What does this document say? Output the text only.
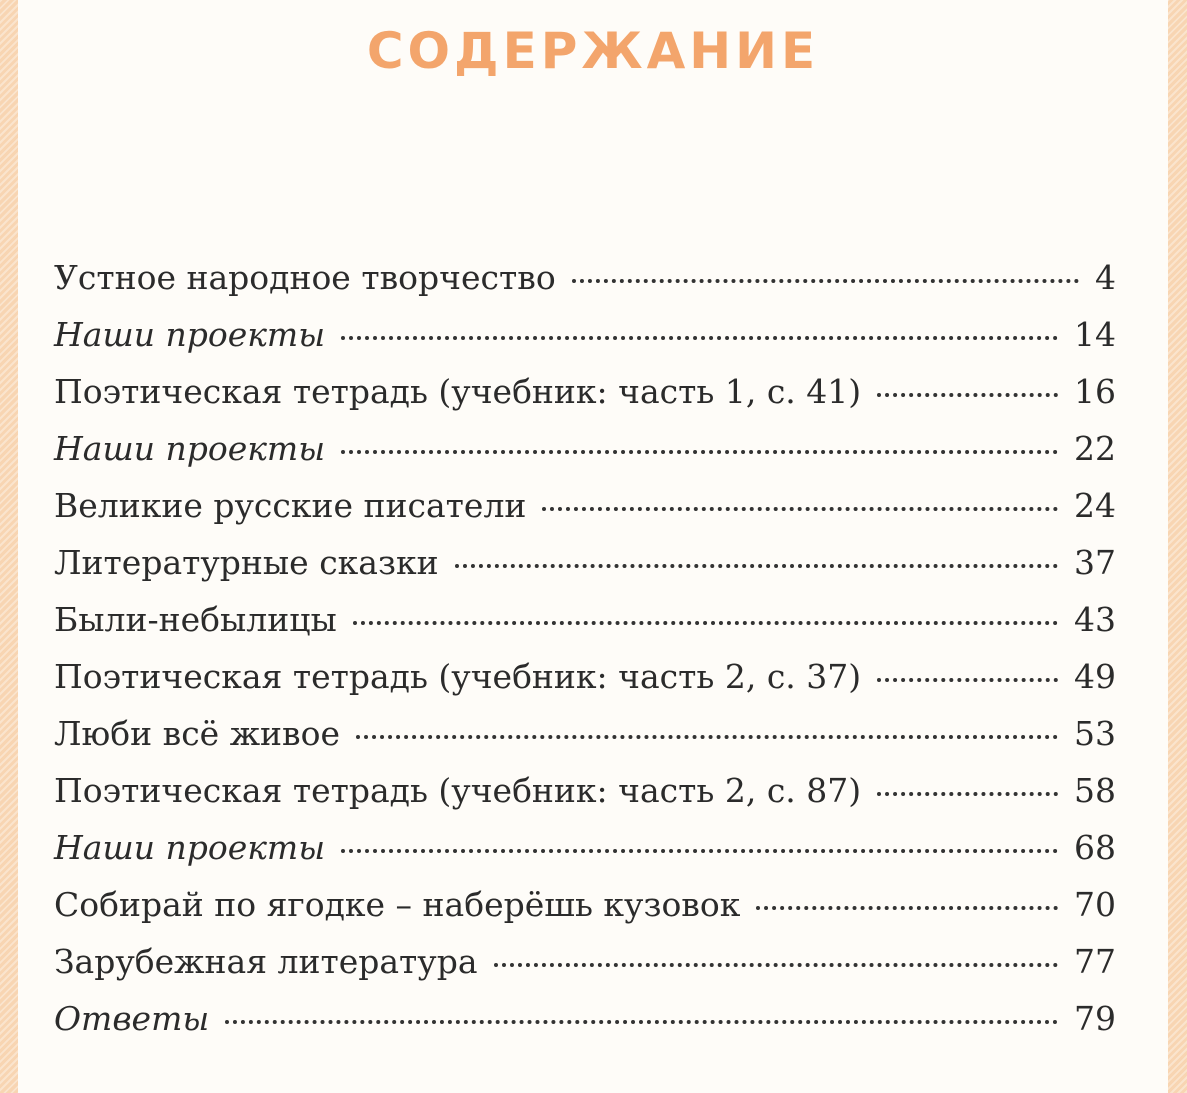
СОДЕРЖАНИЕ
Устное народное творчество	4
Наши проекты	14
Поэтическая тетрадь (учебник: часть 1, с. 41)	16
Наши проекты	22
Великие русские писатели	24
Литературные сказки	37
Были-небылицы	43
Поэтическая тетрадь (учебник: часть 2, с. 37)	49
Люби всё живое	53
Поэтическая тетрадь (учебник: часть 2, с. 87)	58
Наши проекты	68
Собирай по ягодке – наберёшь кузовок	70
Зарубежная литература	77
Ответы	79
